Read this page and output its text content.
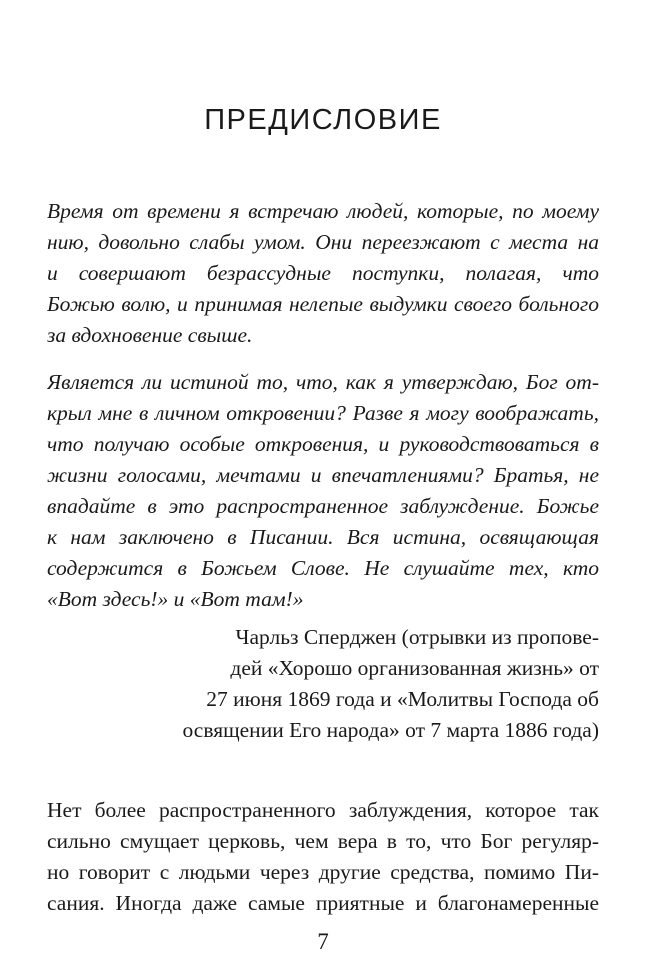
ПРЕДИСЛОВИЕ
Время от времени я встречаю людей, которые, по моему
нию, довольно слабы умом. Они переезжают с места на
и совершают безрассудные поступки, полагая, что
Божью волю, и принимая нелепые выдумки своего больного
за вдохновение свыше.
Является ли истиной то, что, как я утверждаю, Бог от-
крыл мне в личном откровении? Разве я могу воображать,
что получаю особые откровения, и руководствоваться в
жизни голосами, мечтами и впечатлениями? Братья, не
впадайте в это распространенное заблуждение. Божье
к нам заключено в Писании. Вся истина, освящающая
содержится в Божьем Слове. Не слушайте тех, кто
«Вот здесь!» и «Вот там!»
Чарльз Сперджен (отрывки из пропове-
дей «Хорошо организованная жизнь» от
27 июня 1869 года и «Молитвы Господа об
освящении Его народа» от 7 марта 1886 года)
Нет более распространенного заблуждения, которое так
сильно смущает церковь, чем вера в то, что Бог регуляр-
но говорит с людьми через другие средства, помимо Пи-
сания. Иногда даже самые приятные и благонамеренные
7
